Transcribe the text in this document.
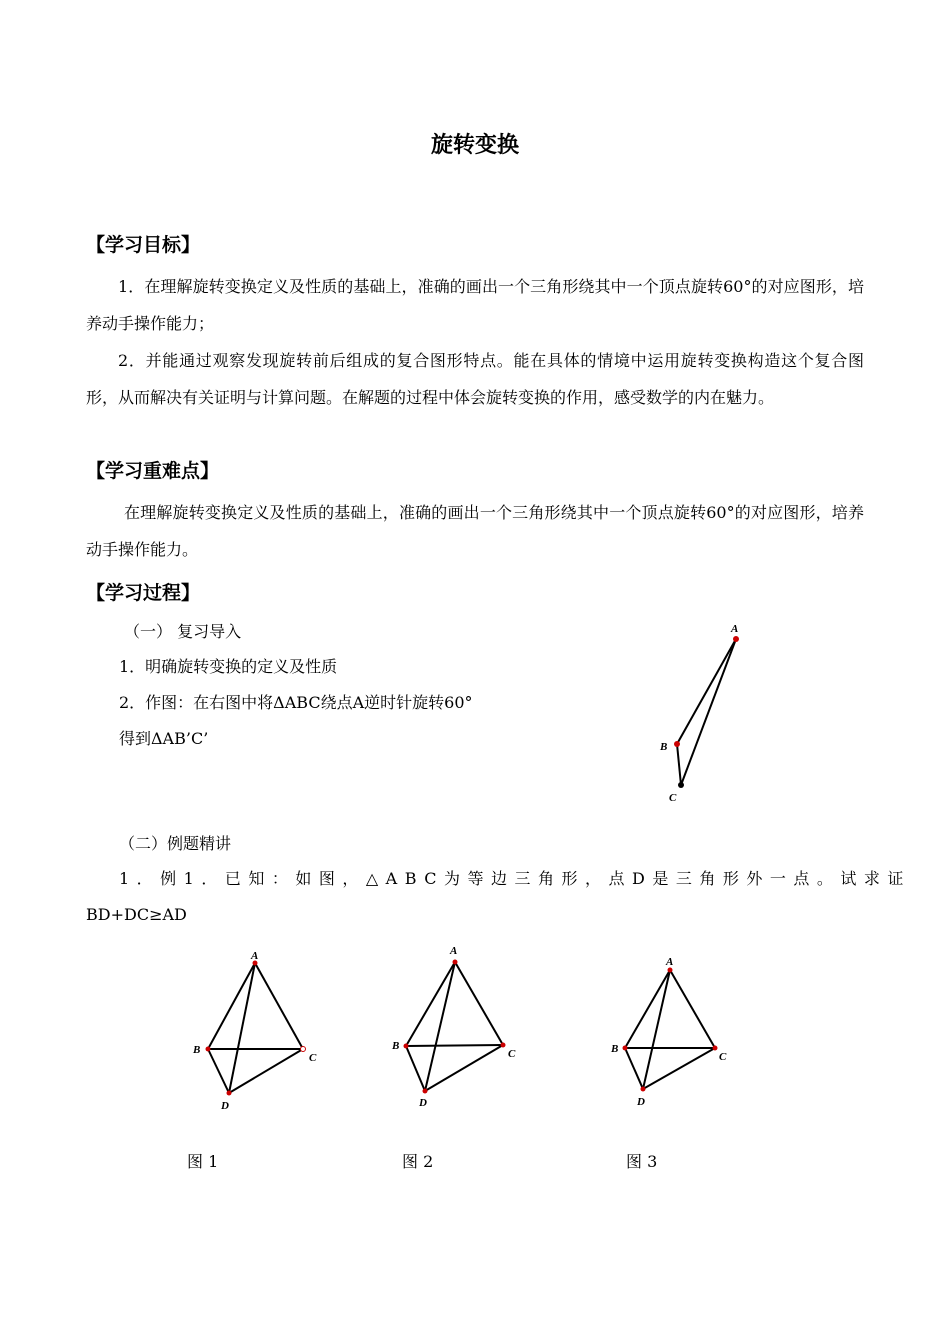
旋转变换
【学习目标】
1．在理解旋转变换定义及性质的基础上，准确的画出一个三角形绕其中一个顶点旋转60°的对应图形，培养动手操作能力；
2．并能通过观察发现旋转前后组成的复合图形特点。能在具体的情境中运用旋转变换构造这个复合图形，从而解决有关证明与计算问题。在解题的过程中体会旋转变换的作用，感受数学的内在魅力。
【学习重难点】
在理解旋转变换定义及性质的基础上，准确的画出一个三角形绕其中一个顶点旋转60°的对应图形，培养动手操作能力。
【学习过程】
（一） 复习导入
1．明确旋转变换的定义及性质
2．作图：在右图中将ΔABC绕点A逆时针旋转60°
得到ΔAB’C’
A
B
C
（二）例题精讲
1．例1．已知：如图，△ABC为等边三角形，点D是三角形外一点。试求证
BD+DC≥AD
A
B
C
D
A
B
C
D
A
B
C
D
图 1	图 2	图 3
